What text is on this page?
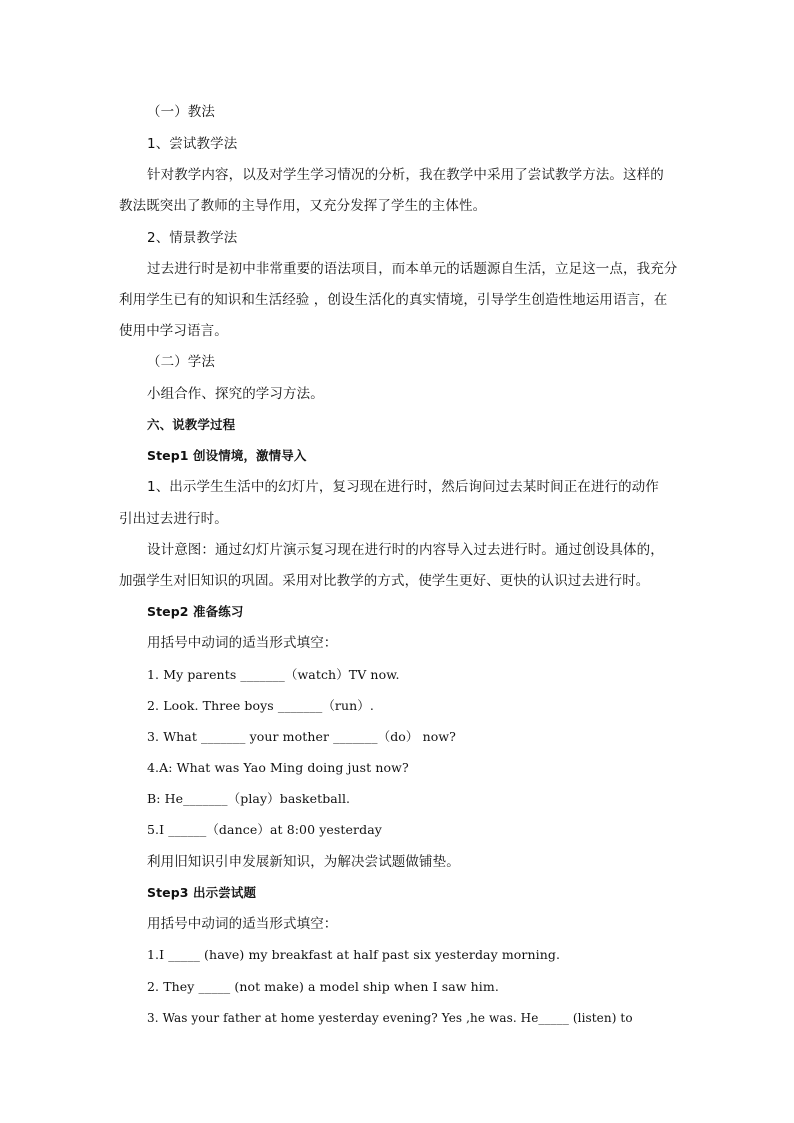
（一）教法
1、尝试教学法
针对教学内容，以及对学生学习情况的分析，我在教学中采用了尝试教学方法。这样的
教法既突出了教师的主导作用，又充分发挥了学生的主体性。
2、情景教学法
过去进行时是初中非常重要的语法项目，而本单元的话题源自生活，立足这一点，我充分
利用学生已有的知识和生活经验 ，创设生活化的真实情境，引导学生创造性地运用语言，在
使用中学习语言。
（二）学法
小组合作、探究的学习方法。
六、说教学过程
Step1 创设情境，激情导入
1、出示学生生活中的幻灯片，复习现在进行时，然后询问过去某时间正在进行的动作
引出过去进行时。
设计意图：通过幻灯片演示复习现在进行时的内容导入过去进行时。通过创设具体的，
加强学生对旧知识的巩固。采用对比教学的方式，使学生更好、更快的认识过去进行时。
Step2 准备练习
用括号中动词的适当形式填空：
1. My parents _______（watch）TV now.
2. Look. Three boys _______（run）.
3. What _______ your mother _______（do） now?
4.A: What was Yao Ming doing just now?
B: He_______（play）basketball.
5.I ______（dance）at 8:00 yesterday
利用旧知识引申发展新知识，为解决尝试题做铺垫。
Step3 出示尝试题
用括号中动词的适当形式填空：
1.I _____ (have) my breakfast at half past six yesterday morning.
2. They _____ (not make) a model ship when I saw him.
3. Was your father at home yesterday evening? Yes ,he was. He_____ (listen) to
